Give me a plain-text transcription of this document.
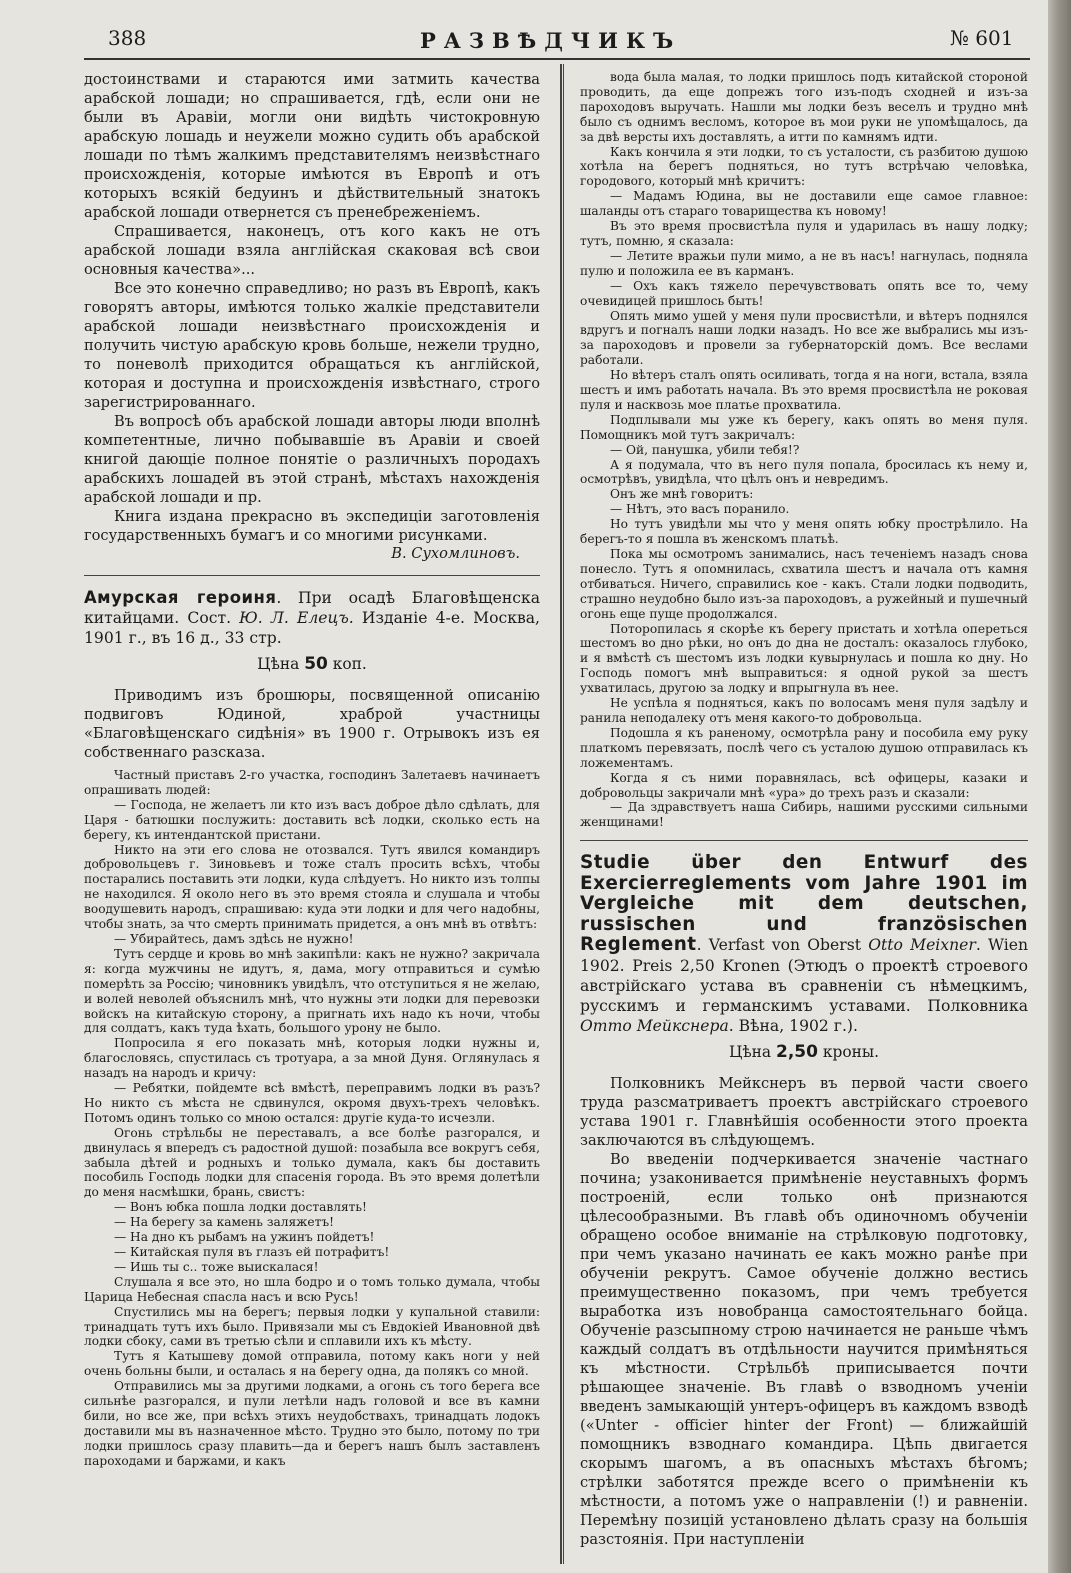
388	РАЗВѢДЧИКЪ	№ 601

достоинствами и стараются ими затмить качества арабской лошади; но спрашивается, гдѣ, если они не были въ Аравіи, могли они видѣть чистокровную арабскую лошадь и неужели можно судить объ арабской лошади по тѣмъ жалкимъ представителямъ неизвѣстнаго происхожденія, которые имѣются въ Европѣ и отъ которыхъ всякій бедуинъ и дѣйствительный знатокъ арабской лошади отвернется съ пренебреженіемъ.

Спрашивается, наконецъ, отъ кого какъ не отъ арабской лошади взяла англійская скаковая всѣ свои основныя качества»...

Все это конечно справедливо; но разъ въ Европѣ, какъ говорятъ авторы, имѣются только жалкіе представители арабской лошади неизвѣстнаго происхожденія и получить чистую арабскую кровь больше, нежели трудно, то поневолѣ приходится обращаться къ англійской, которая и доступна и происхожденія извѣстнаго, строго зарегистрированнаго.

Въ вопросѣ объ арабской лошади авторы люди вполнѣ компетентные, лично побывавшіе въ Аравіи и своей книгой дающіе полное понятіе о различныхъ породахъ арабскихъ лошадей въ этой странѣ, мѣстахъ нахожденія арабской лошади и пр.

Книга издана прекрасно въ экспедиціи заготовленія государственныхъ бумагъ и со многими рисунками.

В. Сухомлиновъ.

Амурская героиня. При осадѣ Благовѣщенска китайцами. Сост. Ю. Л. Елецъ. Изданіе 4-е. Москва, 1901 г., въ 16 д., 33 стр.

Цѣна 50 коп.

Приводимъ изъ брошюры, посвященной описанію подвиговъ Юдиной, храброй участницы «Благовѣщенскаго сидѣнія» въ 1900 г. Отрывокъ изъ ея собственнаго разсказа.

Частный приставъ 2-го участка, господинъ Залетаевъ начинаетъ опрашивать людей:

— Господа, не желаетъ ли кто изъ васъ доброе дѣло сдѣлать, для Царя - батюшки послужить: доставить всѣ лодки, сколько есть на берегу, къ интендантской пристани.

Никто на эти его слова не отозвался. Тутъ явился командиръ добровольцевъ г. Зиновьевъ и тоже сталъ просить всѣхъ, чтобы постарались поставить эти лодки, куда слѣдуетъ. Но никто изъ толпы не находился. Я около него въ это время стояла и слушала и чтобы воодушевить народъ, спрашиваю: куда эти лодки и для чего надобны, чтобы знать, за что смерть принимать придется, а онъ мнѣ въ отвѣтъ:

— Убирайтесь, дамъ здѣсь не нужно!

Тутъ сердце и кровь во мнѣ закипѣли: какъ не нужно? закричала я: когда мужчины не идутъ, я, дама, могу отправиться и сумѣю померѣть за Россію; чиновникъ увидѣлъ, что отступиться я не желаю, и волей неволей объяснилъ мнѣ, что нужны эти лодки для перевозки войскъ на китайскую сторону, а пригнать ихъ надо къ ночи, чтобы для солдатъ, какъ туда ѣхать, большого урону не было.

Попросила я его показать мнѣ, которыя лодки нужны и, благословясь, спустилась съ тротуара, а за мной Дуня. Оглянулась я назадъ на народъ и кричу:

— Ребятки, пойдемте всѣ вмѣстѣ, переправимъ лодки въ разъ? Но никто съ мѣста не сдвинулся, окромя двухъ-трехъ человѣкъ. Потомъ одинъ только со мною остался: другіе куда-то исчезли.

Огонь стрѣльбы не переставалъ, а все болѣе разгорался, и двинулась я впередъ съ радостной душой: позабыла все вокругъ себя, забыла дѣтей и родныхъ и только думала, какъ бы доставить пособиль Господь лодки для спасенія города. Въ это время долетѣли до меня насмѣшки, брань, свистъ:

— Вонъ юбка пошла лодки доставлять!

— На берегу за камень заляжетъ!

— На дно къ рыбамъ на ужинъ пойдетъ!

— Китайская пуля въ глазъ ей потрафитъ!

— Ишь ты с.. тоже выискалася!

Слушала я все это, но шла бодро и о томъ только думала, чтобы Царица Небесная спасла насъ и всю Русь!

Спустились мы на берегъ; первыя лодки у купальной ставили: тринадцать тутъ ихъ было. Привязали мы съ Евдокіей Ивановной двѣ лодки сбоку, сами въ третью сѣли и сплавили ихъ къ мѣсту.

Тутъ я Катышеву домой отправила, потому какъ ноги у ней очень больны были, и осталась я на берегу одна, да полякъ со мной.

Отправились мы за другими лодками, а огонь съ того берега все сильнѣе разгорался, и пули летѣли надъ головой и все въ камни били, но все же, при всѣхъ этихъ неудобствахъ, тринадцать лодокъ доставили мы въ назначенное мѣсто. Трудно это было, потому по три лодки пришлось сразу плавить—да и берегъ нашъ былъ заставленъ пароходами и баржами, и какъ

вода была малая, то лодки пришлось подъ китайской стороной проводить, да еще допрежъ того изъ-подъ сходней и изъ-за пароходовъ выручать. Нашли мы лодки безъ веселъ и трудно мнѣ было съ однимъ весломъ, которое въ мои руки не упомѣщалось, да за двѣ версты ихъ доставлять, а итти по камнямъ идти.

Какъ кончила я эти лодки, то съ усталости, съ разбитою душою хотѣла на берегъ подняться, но тутъ встрѣчаю человѣка, городового, который мнѣ кричитъ:

— Мадамъ Юдина, вы не доставили еще самое главное: шаланды отъ стараго товарищества къ новому!

Въ это время просвистѣла пуля и ударилась въ нашу лодку; тутъ, помню, я сказала:

— Летите вражьи пули мимо, а не въ насъ! нагнулась, подняла пулю и положила ее въ карманъ.

— Охъ какъ тяжело перечувствовать опять все то, чему очевидицей пришлось быть!

Опять мимо ушей у меня пули просвистѣли, и вѣтеръ поднялся вдругъ и погналъ наши лодки назадъ. Но все же выбрались мы изъ-за пароходовъ и провели за губернаторскій домъ. Все веслами работали.

Но вѣтеръ сталъ опять осиливать, тогда я на ноги, встала, взяла шестъ и имъ работать начала. Въ это время просвистѣла не роковая пуля и насквозь мое платье прохватила.

Подплывали мы уже къ берегу, какъ опять во меня пуля. Помощникъ мой тутъ закричалъ:

— Ой, панушка, убили тебя!?

А я подумала, что въ него пуля попала, бросилась къ нему и, осмотрѣвъ, увидѣла, что цѣлъ онъ и невредимъ.

Онъ же мнѣ говоритъ:

— Нѣтъ, это васъ поранило.

Но тутъ увидѣли мы что у меня опять юбку прострѣлило. На берегъ-то я пошла въ женскомъ платьѣ.

Пока мы осмотромъ занимались, насъ теченіемъ назадъ снова понесло. Тутъ я опомнилась, схватила шестъ и начала отъ камня отбиваться. Ничего, справились кое - какъ. Стали лодки подводить, страшно неудобно было изъ-за пароходовъ, а ружейный и пушечный огонь еще пуще продолжался.

Поторопилась я скорѣе къ берегу пристать и хотѣла опереться шестомъ во дно рѣки, но онъ до дна не досталъ: оказалось глубоко, и я вмѣстѣ съ шестомъ изъ лодки кувырнулась и пошла ко дну. Но Господь помогъ мнѣ выправиться: я одной рукой за шестъ ухватилась, другою за лодку и впрыгнула въ нее.

Не успѣла я подняться, какъ по волосамъ меня пуля задѣлу и ранила неподалеку отъ меня какого-то добровольца.

Подошла я къ раненому, осмотрѣла рану и пособила ему руку платкомъ перевязать, послѣ чего съ усталою душою отправилась къ ложементамъ.

Когда я съ ними поравнялась, всѣ офицеры, казаки и добровольцы закричали мнѣ «ура» до трехъ разъ и сказали:

— Да здравствуетъ наша Сибирь, нашими русскими сильными женщинами!

Studie über den Entwurf des Exercierreglements vom Jahre 1901 im Vergleiche mit dem deutschen, russischen und französischen Reglement. Verfast von Oberst Otto Meixner. Wien 1902. Preis 2,50 Kronen (Этюдъ о проектѣ строевого австрійскаго устава въ сравненіи съ нѣмецкимъ, русскимъ и германскимъ уставами. Полковника Отто Мейкснера. Вѣна, 1902 г.).

Цѣна 2,50 кроны.

Полковникъ Мейкснеръ въ первой части своего труда разсматриваетъ проектъ австрійскаго строевого устава 1901 г. Главнѣйшія особенности этого проекта заключаются въ слѣдующемъ.

Во введеніи подчеркивается значеніе частнаго почина; узаконивается примѣненіе неуставныхъ формъ построеній, если только онѣ признаются цѣлесообразными. Въ главѣ объ одиночномъ обученіи обращено особое вниманіе на стрѣлковую подготовку, при чемъ указано начинать ее какъ можно ранѣе при обученіи рекрутъ. Самое обученіе должно вестись преимущественно показомъ, при чемъ требуется выработка изъ новобранца самостоятельнаго бойца. Обученіе разсыпному строю начинается не раньше чѣмъ каждый солдатъ въ отдѣльности научится примѣняться къ мѣстности. Стрѣльбѣ приписывается почти рѣшающее значеніе. Въ главѣ о взводномъ ученіи введенъ замыкающій унтеръ-офицеръ въ каждомъ взводѣ («Unter - officier hinter der Front) — ближайшій помощникъ взводнаго командира. Цѣпь двигается скорымъ шагомъ, а въ опасныхъ мѣстахъ бѣгомъ; стрѣлки заботятся прежде всего о примѣненіи къ мѣстности, а потомъ уже о направленіи (!) и равненіи. Перемѣну позицій установлено дѣлать сразу на большія разстоянія. При наступленіи
